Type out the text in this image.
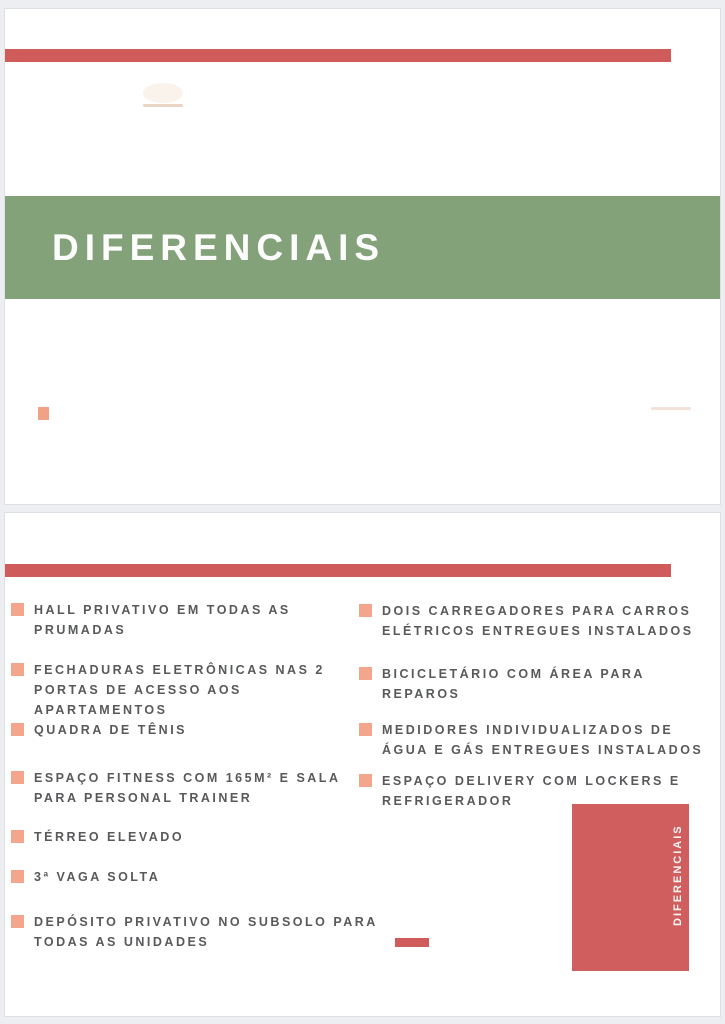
DIFERENCIAIS
HALL PRIVATIVO EM TODAS AS
PRUMADAS
FECHADURAS ELETRÔNICAS NAS 2
PORTAS DE ACESSO AOS
APARTAMENTOS
QUADRA DE TÊNIS
ESPAÇO FITNESS COM 165M² E SALA
PARA PERSONAL TRAINER
TÉRREO ELEVADO
3ª VAGA SOLTA
DEPÓSITO PRIVATIVO NO SUBSOLO PARA
TODAS AS UNIDADES
DOIS CARREGADORES PARA CARROS
ELÉTRICOS ENTREGUES INSTALADOS
BICICLETÁRIO COM ÁREA PARA
REPAROS
MEDIDORES INDIVIDUALIZADOS DE
ÁGUA E GÁS ENTREGUES INSTALADOS
ESPAÇO DELIVERY COM LOCKERS E
REFRIGERADOR
DIFERENCIAIS
